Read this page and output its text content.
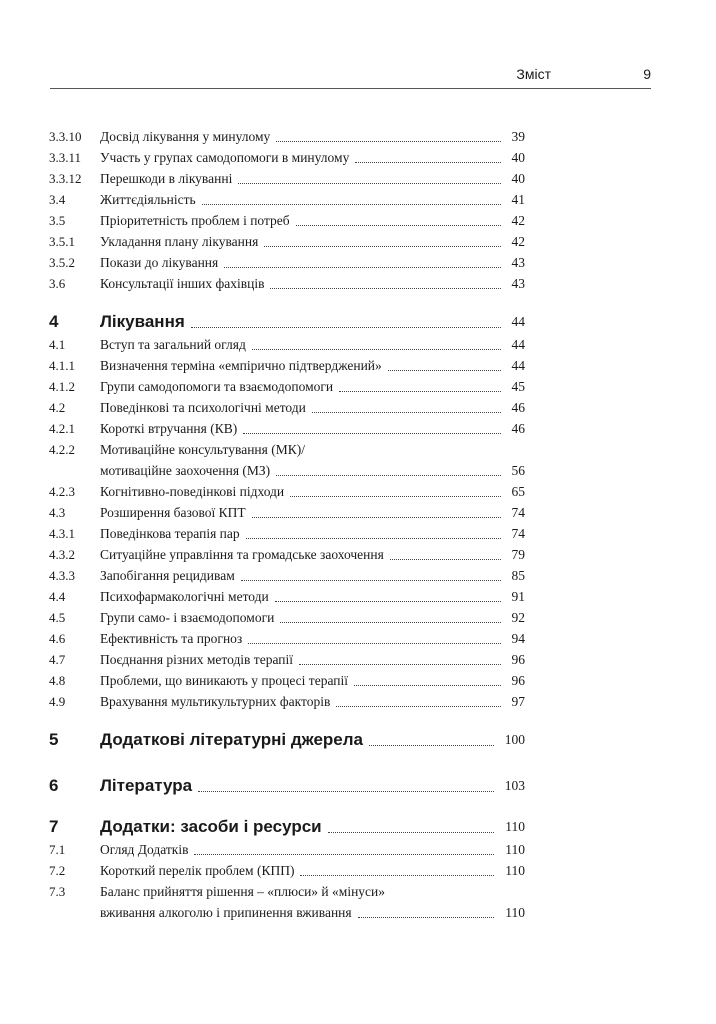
Зміст	9
3.3.10 Досвід лікування у минулому	39
3.3.11 Участь у групах самодопомоги в минулому	40
3.3.12 Перешкоди в лікуванні	40
3.4	Життєдіяльність	41
3.5	Пріоритетність проблем і потреб	42
3.5.1 Укладання плану лікування	42
3.5.2 Покази до лікування	43
3.6	Консультації інших фахівців	43
4 Лікування	44
4.1	Вступ та загальний огляд	44
4.1.1 Визначення терміна «емпірично підтверджений»	44
4.1.2 Групи самодопомоги та взаємодопомоги	45
4.2	Поведінкові та психологічні методи	46
4.2.1 Короткі втручання (КВ)	46
4.2.2 Мотиваційне консультування (МК)/
мотиваційне заохочення (МЗ)	56
4.2.3 Когнітивно-поведінкові підходи	65
4.3	Розширення базової КПТ	74
4.3.1 Поведінкова терапія пар	74
4.3.2 Ситуаційне управління та громадське заохочення	79
4.3.3 Запобігання рецидивам	85
4.4	Психофармакологічні методи	91
4.5	Групи само- і взаємодопомоги	92
4.6	Ефективність та прогноз	94
4.7	Поєднання різних методів терапії	96
4.8	Проблеми, що виникають у процесі терапії	96
4.9	Врахування мультикультурних факторів	97
5 Додаткові літературні джерела	100
6 Література	103
7 Додатки: засоби і ресурси	110
7.1	Огляд Додатків	110
7.2	Короткий перелік проблем (КПП)	110
7.3	Баланс прийняття рішення – «плюси» й «мінуси»
вживання алкоголю і припинення вживання	110
